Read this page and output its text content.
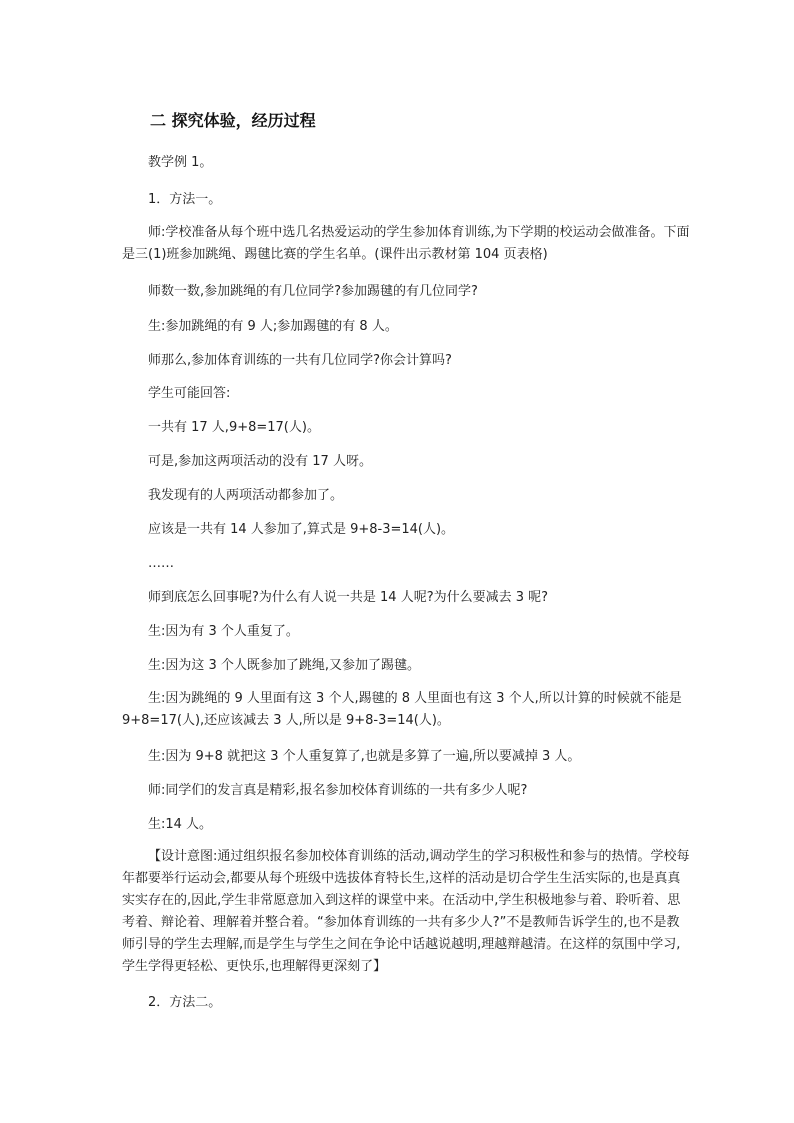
二 探究体验，经历过程
教学例 1。
1．方法一。
师:学校准备从每个班中选几名热爱运动的学生参加体育训练,为下学期的校运动会做准备。下面是三(1)班参加跳绳、踢毽比赛的学生名单。(课件出示教材第 104 页表格)
师数一数,参加跳绳的有几位同学?参加踢毽的有几位同学?
生:参加跳绳的有 9 人;参加踢毽的有 8 人。
师那么,参加体育训练的一共有几位同学?你会计算吗?
学生可能回答:
一共有 17 人,9+8=17(人)。
可是,参加这两项活动的没有 17 人呀。
我发现有的人两项活动都参加了。
应该是一共有 14 人参加了,算式是 9+8-3=14(人)。
……
师到底怎么回事呢?为什么有人说一共是 14 人呢?为什么要减去 3 呢?
生:因为有 3 个人重复了。
生:因为这 3 个人既参加了跳绳,又参加了踢毽。
生:因为跳绳的 9 人里面有这 3 个人,踢毽的 8 人里面也有这 3 个人,所以计算的时候就不能是 9+8=17(人),还应该减去 3 人,所以是 9+8-3=14(人)。
生:因为 9+8 就把这 3 个人重复算了,也就是多算了一遍,所以要减掉 3 人。
师:同学们的发言真是精彩,报名参加校体育训练的一共有多少人呢?
生:14 人。
【设计意图:通过组织报名参加校体育训练的活动,调动学生的学习积极性和参与的热情。学校每年都要举行运动会,都要从每个班级中选拔体育特长生,这样的活动是切合学生生活实际的,也是真真实实存在的,因此,学生非常愿意加入到这样的课堂中来。在活动中,学生积极地参与着、聆听着、思考着、辩论着、理解着并整合着。“参加体育训练的一共有多少人?”不是教师告诉学生的,也不是教师引导的学生去理解,而是学生与学生之间在争论中话越说越明,理越辩越清。在这样的氛围中学习,学生学得更轻松、更快乐,也理解得更深刻了】
2．方法二。
